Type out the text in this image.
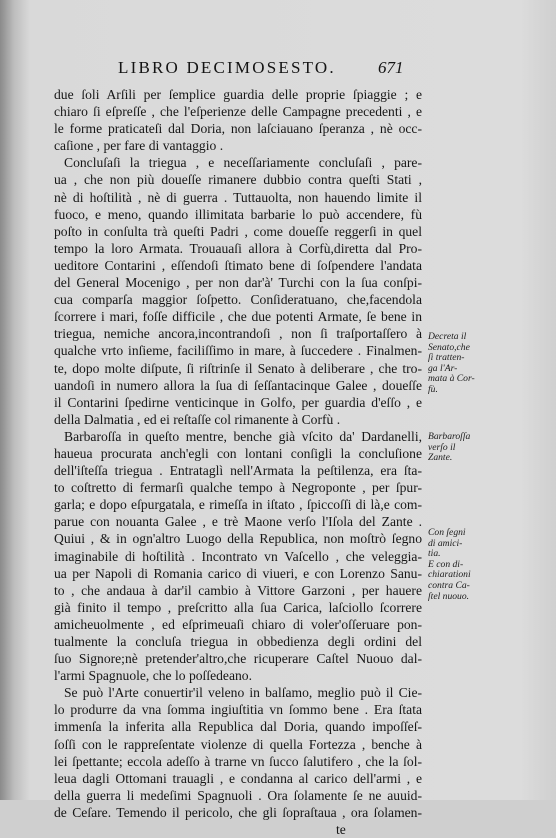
LIBRO DECIMOSESTO. 671
due ſoli Arſili per ſemplice guardia delle proprie ſpiaggie ; e
chiaro ſi eſpreſſe , che l'eſperienze delle Campagne precedenti , e
le forme praticateſi dal Doria, non laſciauano ſperanza , nè occ-
caſione , per fare di vantaggio .
Concluſaſi la triegua , e neceſſariamente concluſaſi , pare-
ua , che non più doueſſe rimanere dubbio contra queſti Stati ,
nè di hoſtilità , nè di guerra . Tuttauolta, non hauendo limite il
fuoco, e meno, quando illimitata barbarie lo può accendere, fù
poſto in conſulta trà queſti Padri , come doueſſe reggerſi in quel
tempo la loro Armata. Trouauaſi allora à Corfù,diretta dal Pro-
ueditore Contarini , eſſendoſi ſtimato bene di ſoſpendere l'andata
del General Mocenigo , per non dar'à' Turchi con la ſua conſpi-
cua comparſa maggior ſoſpetto. Conſideratuano, che,facendola
ſcorrere i mari, foſſe difficile , che due potenti Armate, ſe bene in
triegua, nemiche ancora,incontrandoſi , non ſi traſportaſſero à
qualche vrto inſieme, faciliſſimo in mare, à ſuccedere . Finalmen-
te, dopo molte diſpute, ſi riſtrinſe il Senato à deliberare , che tro-
uandoſi in numero allora la ſua di ſeſſantacinque Galee , doueſſe
il Contarini ſpedirne venticinque in Golfo, per guardia d'eſſo , e
della Dalmatia , ed ei reſtaſſe col rimanente à Corfù .
Barbaroſſa in queſto mentre, benche già vſcito da' Dardanelli,
haueua procurata anch'egli con lontani conſigli la concluſione
dell'iſteſſa triegua . Entrataglì nell'Armata la peſtilenza, era ſta-
to coſtretto di fermarſi qualche tempo à Negroponte , per ſpur-
garla; e dopo eſpurgatala, e rimeſſa in iſtato , ſpiccoſſi di là,e com-
parue con nouanta Galee , e trè Maone verſo l'Iſola del Zante .
Quiui , & in ogn'altro Luogo della Republica, non moſtrò ſegno
imaginabile di hoſtilità . Incontrato vn Vaſcello , che veleggia-
ua per Napoli di Romania carico di viueri, e con Lorenzo Sanu-
to , che andaua à dar'il cambio à Vittore Garzoni , per hauere
già finito il tempo , preſcritto alla ſua Carica, laſciollo ſcorrere
amicheuolmente , ed eſprimeuaſi chiaro di voler'oſſeruare pon-
tualmente la concluſa triegua in obbedienza degli ordini del
ſuo Signore;nè pretender'altro,che ricuperare Caſtel Nuouo dal-
l'armi Spagnuole, che lo poſſedeano.
Se può l'Arte conuertir'il veleno in balſamo, meglio può il Cie-
lo produrre da vna ſomma ingiuſtitia vn ſommo bene . Era ſtata
immenſa la inferita alla Republica dal Doria, quando impoſſeſ-
ſoſſi con le rappreſentate violenze di quella Fortezza , benche à
lei ſpettante; eccola adeſſo à trarne vn ſucco ſalutifero , che la ſol-
leua dagli Ottomani trauagli , e condanna al carico dell'armi , e
della guerra li medeſimi Spagnuoli . Ora ſolamente ſe ne auuid-
de Ceſare. Temendo il pericolo, che gli ſopraſtaua , ora ſolamen-
te
Decreta il
Senato,che
ſi tratten-
ga l'Ar-
mata à Cor-
fù.
Barbaroſſa
verſo il
Zante.
Con ſegni
di amici-
tia.
E con di-
chiarationi
contra Ca-
ſtel nuouo.
